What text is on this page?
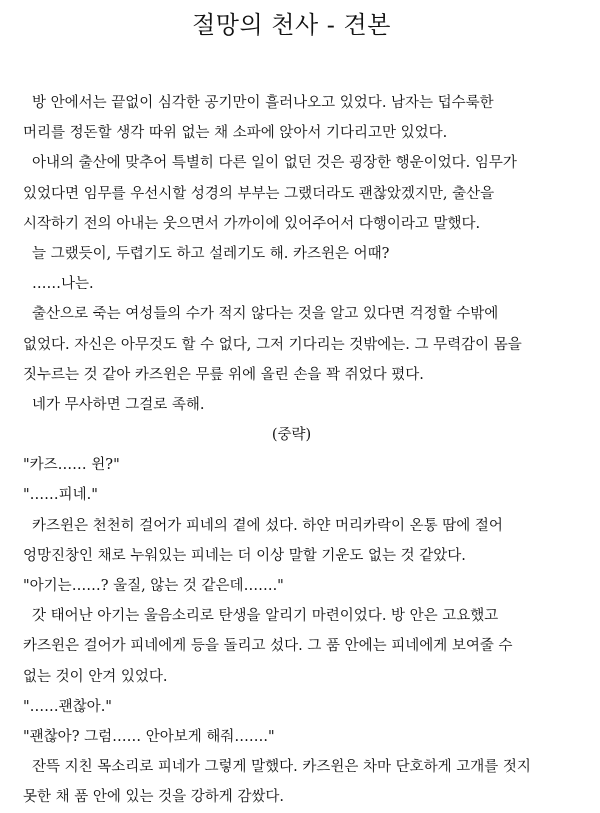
절망의 천사 - 견본
방 안에서는 끝없이 심각한 공기만이 흘러나오고 있었다. 남자는 덥수룩한
머리를 정돈할 생각 따위 없는 채 소파에 앉아서 기다리고만 있었다.
아내의 출산에 맞추어 특별히 다른 일이 없던 것은 굉장한 행운이었다. 임무가
있었다면 임무를 우선시할 성경의 부부는 그랬더라도 괜찮았겠지만, 출산을
시작하기 전의 아내는 웃으면서 가까이에 있어주어서 다행이라고 말했다.
늘 그랬듯이, 두렵기도 하고 설레기도 해. 카즈윈은 어때?
……나는.
출산으로 죽는 여성들의 수가 적지 않다는 것을 알고 있다면 걱정할 수밖에
없었다. 자신은 아무것도 할 수 없다, 그저 기다리는 것밖에는. 그 무력감이 몸을
짓누르는 것 같아 카즈윈은 무릎 위에 올린 손을 꽉 쥐었다 폈다.
네가 무사하면 그걸로 족해.
(중략)
"카즈…… 윈?"
"……피네."
카즈윈은 천천히 걸어가 피네의 곁에 섰다. 하얀 머리카락이 온통 땀에 절어
엉망진창인 채로 누워있는 피네는 더 이상 말할 기운도 없는 것 같았다.
"아기는……? 울질, 않는 것 같은데……."
갓 태어난 아기는 울음소리로 탄생을 알리기 마련이었다. 방 안은 고요했고
카즈윈은 걸어가 피네에게 등을 돌리고 섰다. 그 품 안에는 피네에게 보여줄 수
없는 것이 안겨 있었다.
"……괜찮아."
"괜찮아? 그럼…… 안아보게 해줘……."
잔뜩 지친 목소리로 피네가 그렇게 말했다. 카즈윈은 차마 단호하게 고개를 젓지
못한 채 품 안에 있는 것을 강하게 감쌌다.
